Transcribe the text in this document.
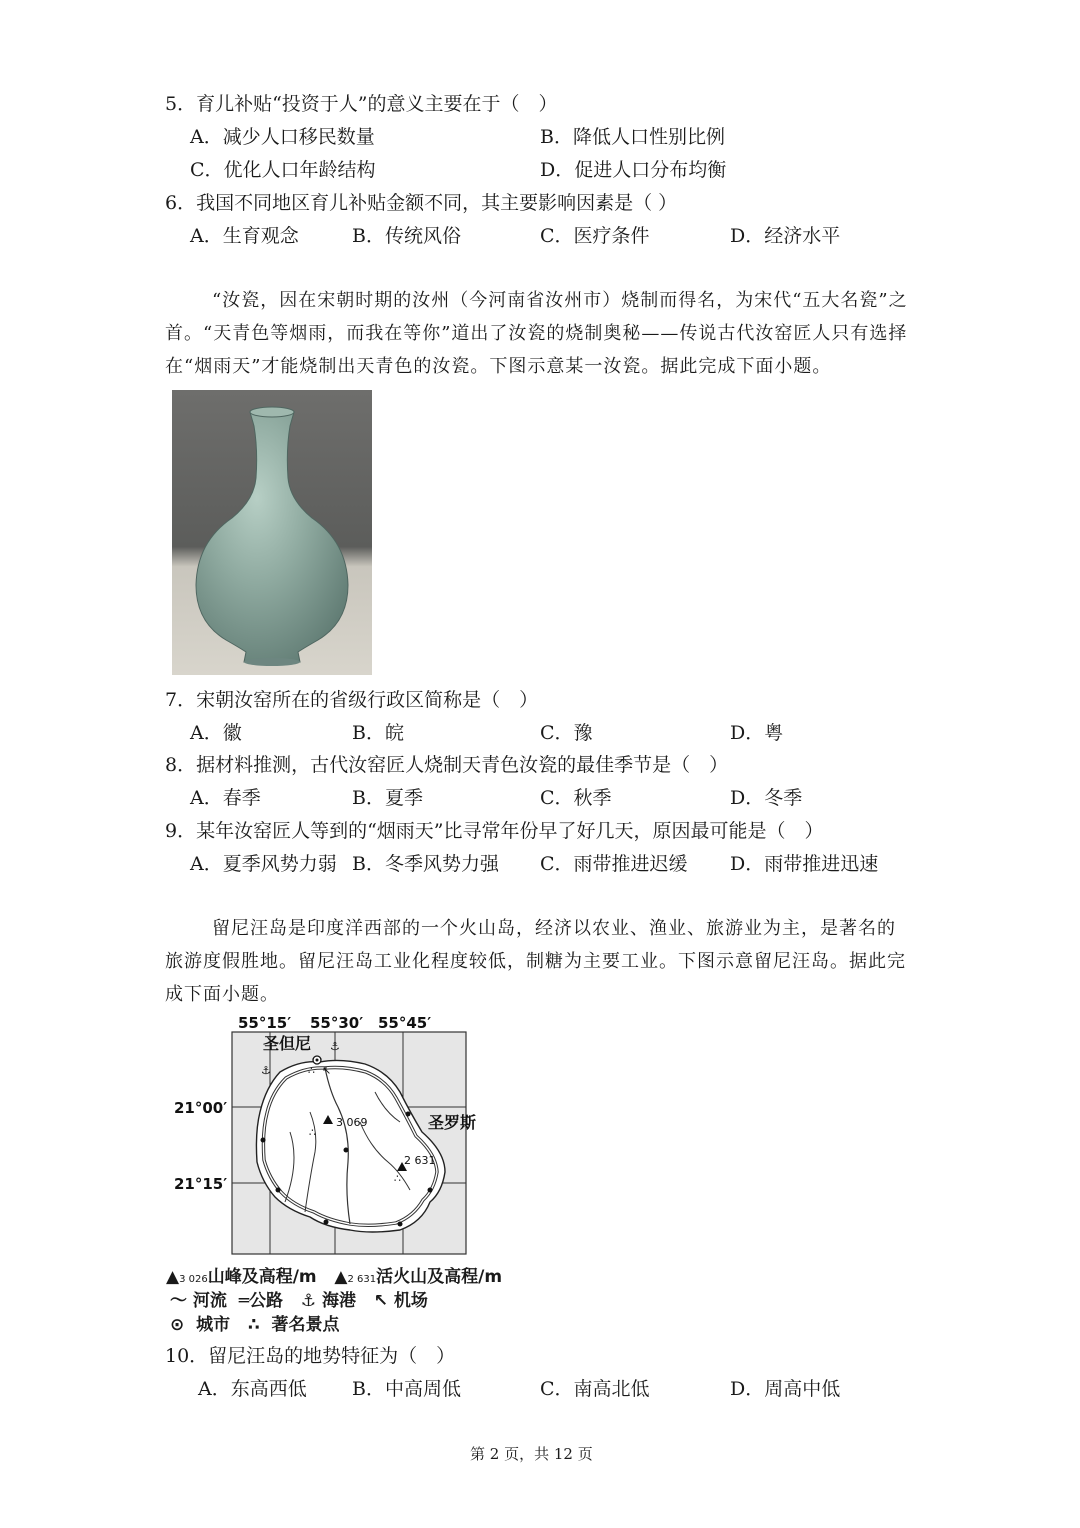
5．育儿补贴“投资于人”的意义主要在于（　）
A．减少人口移民数量	B．降低人口性别比例
C．优化人口年龄结构	D．促进人口分布均衡
6．我国不同地区育儿补贴金额不同，其主要影响因素是（ ）
A．生育观念	B．传统风俗	C．医疗条件	D．经济水平
“汝瓷，因在宋朝时期的汝州（今河南省汝州市）烧制而得名，为宋代“五大名瓷”之
首。“天青色等烟雨，而我在等你”道出了汝瓷的烧制奥秘——传说古代汝窑匠人只有选择
在“烟雨天”才能烧制出天青色的汝瓷。下图示意某一汝瓷。据此完成下面小题。
7．宋朝汝窑所在的省级行政区简称是（　）
A．徽	B．皖	C．豫	D．粤
8．据材料推测，古代汝窑匠人烧制天青色汝瓷的最佳季节是（　）
A．春季	B．夏季	C．秋季	D．冬季
9．某年汝窑匠人等到的“烟雨天”比寻常年份早了好几天，原因最可能是（　）
A．夏季风势力弱 B．冬季风势力强 C．雨带推进迟缓 D．雨带推进迅速
留尼汪岛是印度洋西部的一个火山岛，经济以农业、渔业、旅游业为主，是著名的
旅游度假胜地。留尼汪岛工业化程度较低，制糖为主要工业。下图示意留尼汪岛。据此完
成下面小题。
55°15′ 55°30′ 55°45′
21°00′
21°15′
圣但尼
圣罗斯
3 069
2 631
∴
∴
∴
⚓
⚓	↖
▲3 026山峰及高程/m ▲2 631活火山及高程/m
〜 河流 ═公路 ⚓ 海港 ↖ 机场
⊙ 城市 ∴ 著名景点
10．留尼汪岛的地势特征为（　）
A．东高西低 B．中高周低	C．南高北低	D．周高中低
第 2 页，共 12 页
